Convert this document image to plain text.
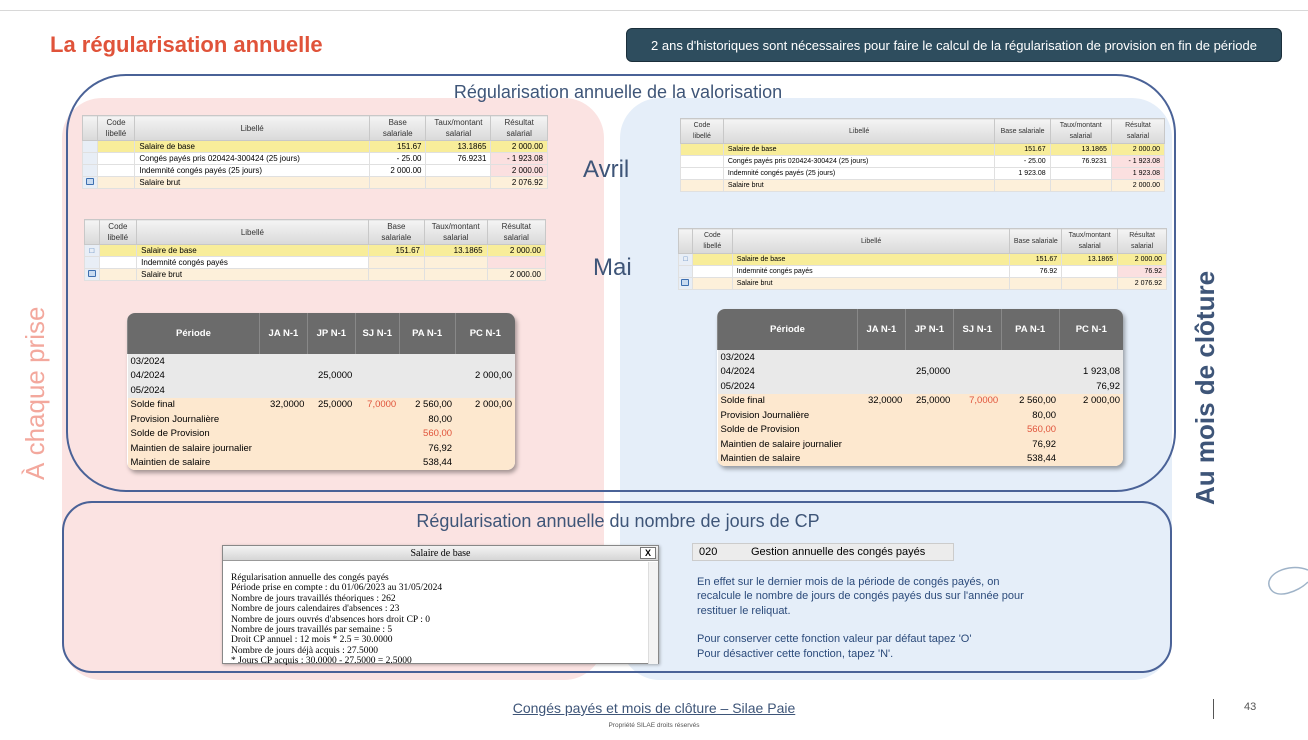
La régularisation annuelle	2 ans d'historiques sont nécessaires pour faire le calcul de la régularisation de provision en fin de période
Régularisation annuelle de la valorisation
Régularisation annuelle du nombre de jours de CP
À chaque prise	Au mois de clôture
Avril
Mai
	Code libellé	Libellé	Base salariale	Taux/montant salarial	Résultat salarial
		Salaire de base	151.67	13.1865	2 000.00
		Congés payés pris 020424-300424 (25 jours)	- 25.00	76.9231	- 1 923.08
		Indemnité congés payés (25 jours)	2 000.00		2 000.00
		Salaire brut			2 076.92
	Code libellé	Libellé	Base salariale	Taux/montant salarial	Résultat salarial
□		Salaire de base	151.67	13.1865	2 000.00
		Indemnité congés payés			
		Salaire brut			2 000.00
Code libellé	Libellé	Base salariale	Taux/montant salarial	Résultat salarial
	Salaire de base	151.67	13.1865	2 000.00
	Congés payés pris 020424-300424 (25 jours)	- 25.00	76.9231	- 1 923.08
	Indemnité congés payés (25 jours)	1 923.08		1 923.08
	Salaire brut			2 000.00
	Code libellé	Libellé	Base salariale	Taux/montant salarial	Résultat salarial
□		Salaire de base	151.67	13.1865	2 000.00
		Indemnité congés payés	76.92		76.92
		Salaire brut			2 076.92
Période	JA N-1	JP N-1	SJ N-1	PA N-1	PC N-1
03/2024					
04/2024		25,0000			2 000,00
05/2024					
Solde final	32,0000	25,0000	7,0000	2 560,00	2 000,00
Provision Journalière				80,00	
Solde de Provision				560,00	
Maintien de salaire journalier				76,92	
Maintien de salaire				538,44	
Période	JA N-1	JP N-1	SJ N-1	PA N-1	PC N-1
03/2024					
04/2024		25,0000			1 923,08
05/2024					76,92
Solde final	32,0000	25,0000	7,0000	2 560,00	2 000,00
Provision Journalière				80,00	
Solde de Provision				560,00	
Maintien de salaire journalier				76,92	
Maintien de salaire				538,44	
Salaire de base	X
Régularisation annuelle des congés payés
Période prise en compte : du 01/06/2023 au 31/05/2024
Nombre de jours travaillés théoriques : 262
Nombre de jours calendaires d'absences : 23
Nombre de jours ouvrés d'absences hors droit CP : 0
Nombre de jours travaillés par semaine : 5
Droit CP annuel : 12 mois * 2.5 = 30.0000
Nombre de jours déjà acquis : 27.5000
* Jours CP acquis : 30.0000 - 27.5000 = 2.5000
020	Gestion annuelle des congés payés

En effet sur le dernier mois de la période de congés payés, on recalcule le nombre de jours de congés payés dus sur l'année pour restituer le reliquat.

Pour conserver cette fonction valeur par défaut tapez 'O'

Pour désactiver cette fonction, tapez 'N'.

Congés payés et mois de clôture – Silae Paie
Propriété SILAE droits réservés
43
